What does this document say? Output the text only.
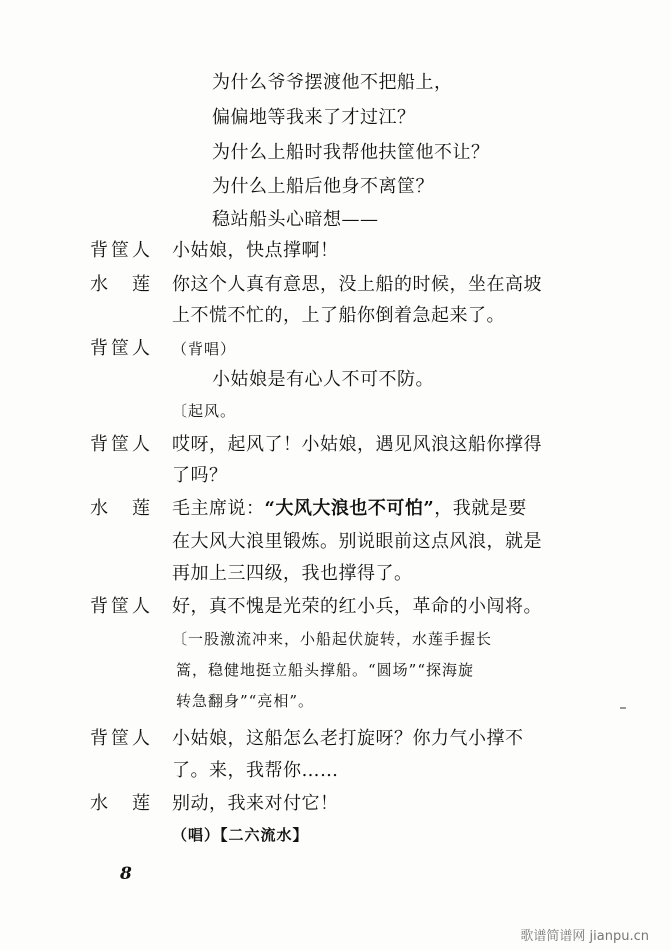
为什么爷爷摆渡他不把船上，
偏偏地等我来了才过江？
为什么上船时我帮他扶筐他不让？
为什么上船后他身不离筐？
稳站船头心暗想——
背筐人 小姑娘，快点撑啊！
水莲 你这个人真有意思，没上船的时候，坐在高坡
上不慌不忙的，上了船你倒着急起来了。
背筐人 （背唱）
小姑娘是有心人不可不防。
〔起风。
背筐人 哎呀，起风了！小姑娘，遇见风浪这船你撑得
了吗？
水莲 毛主席说：“大风大浪也不可怕”，我就是要
在大风大浪里锻炼。别说眼前这点风浪，就是
再加上三四级，我也撑得了。
背筐人 好，真不愧是光荣的红小兵，革命的小闯将。
〔一股激流冲来，小船起伏旋转，水莲手握长
篙，稳健地挺立船头撑船。“圆场”“探海旋
转急翻身”“亮相”。
背筐人 小姑娘，这船怎么老打旋呀？你力气小撑不
了。来，我帮你……
水莲 别动，我来对付它！
（唱）【二六流水】
8
歌谱简谱网 jianpu.cn
